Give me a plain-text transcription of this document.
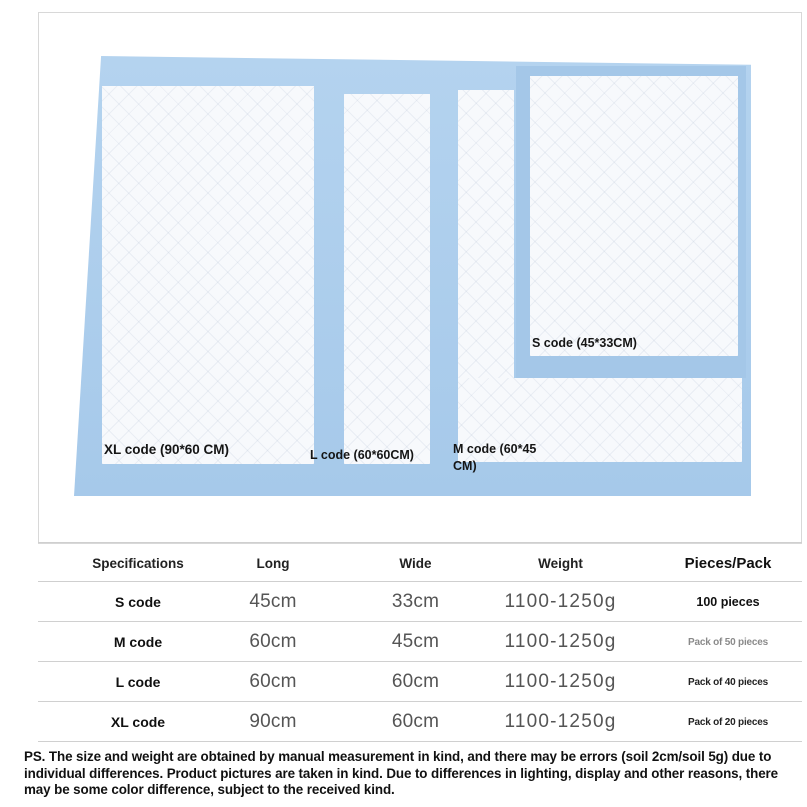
XL code (90*60 CM)	L code (60*60CM)	M code (60*45 CM)
S code (45*33CM)
Specifications	Long	Wide	Weight	Pieces/Pack
S code	45cm	33cm	1100-1250g	100 pieces
M code	60cm	45cm	1100-1250g	Pack of 50 pieces
L code	60cm	60cm	1100-1250g	Pack of 40 pieces
XL code	90cm	60cm	1100-1250g	Pack of 20 pieces
PS. The size and weight are obtained by manual measurement in kind, and there may be errors (soil 2cm/soil 5g) due to individual differences. Product pictures are taken in kind. Due to differences in lighting, display and other reasons, there may be some color difference, subject to the received kind.
